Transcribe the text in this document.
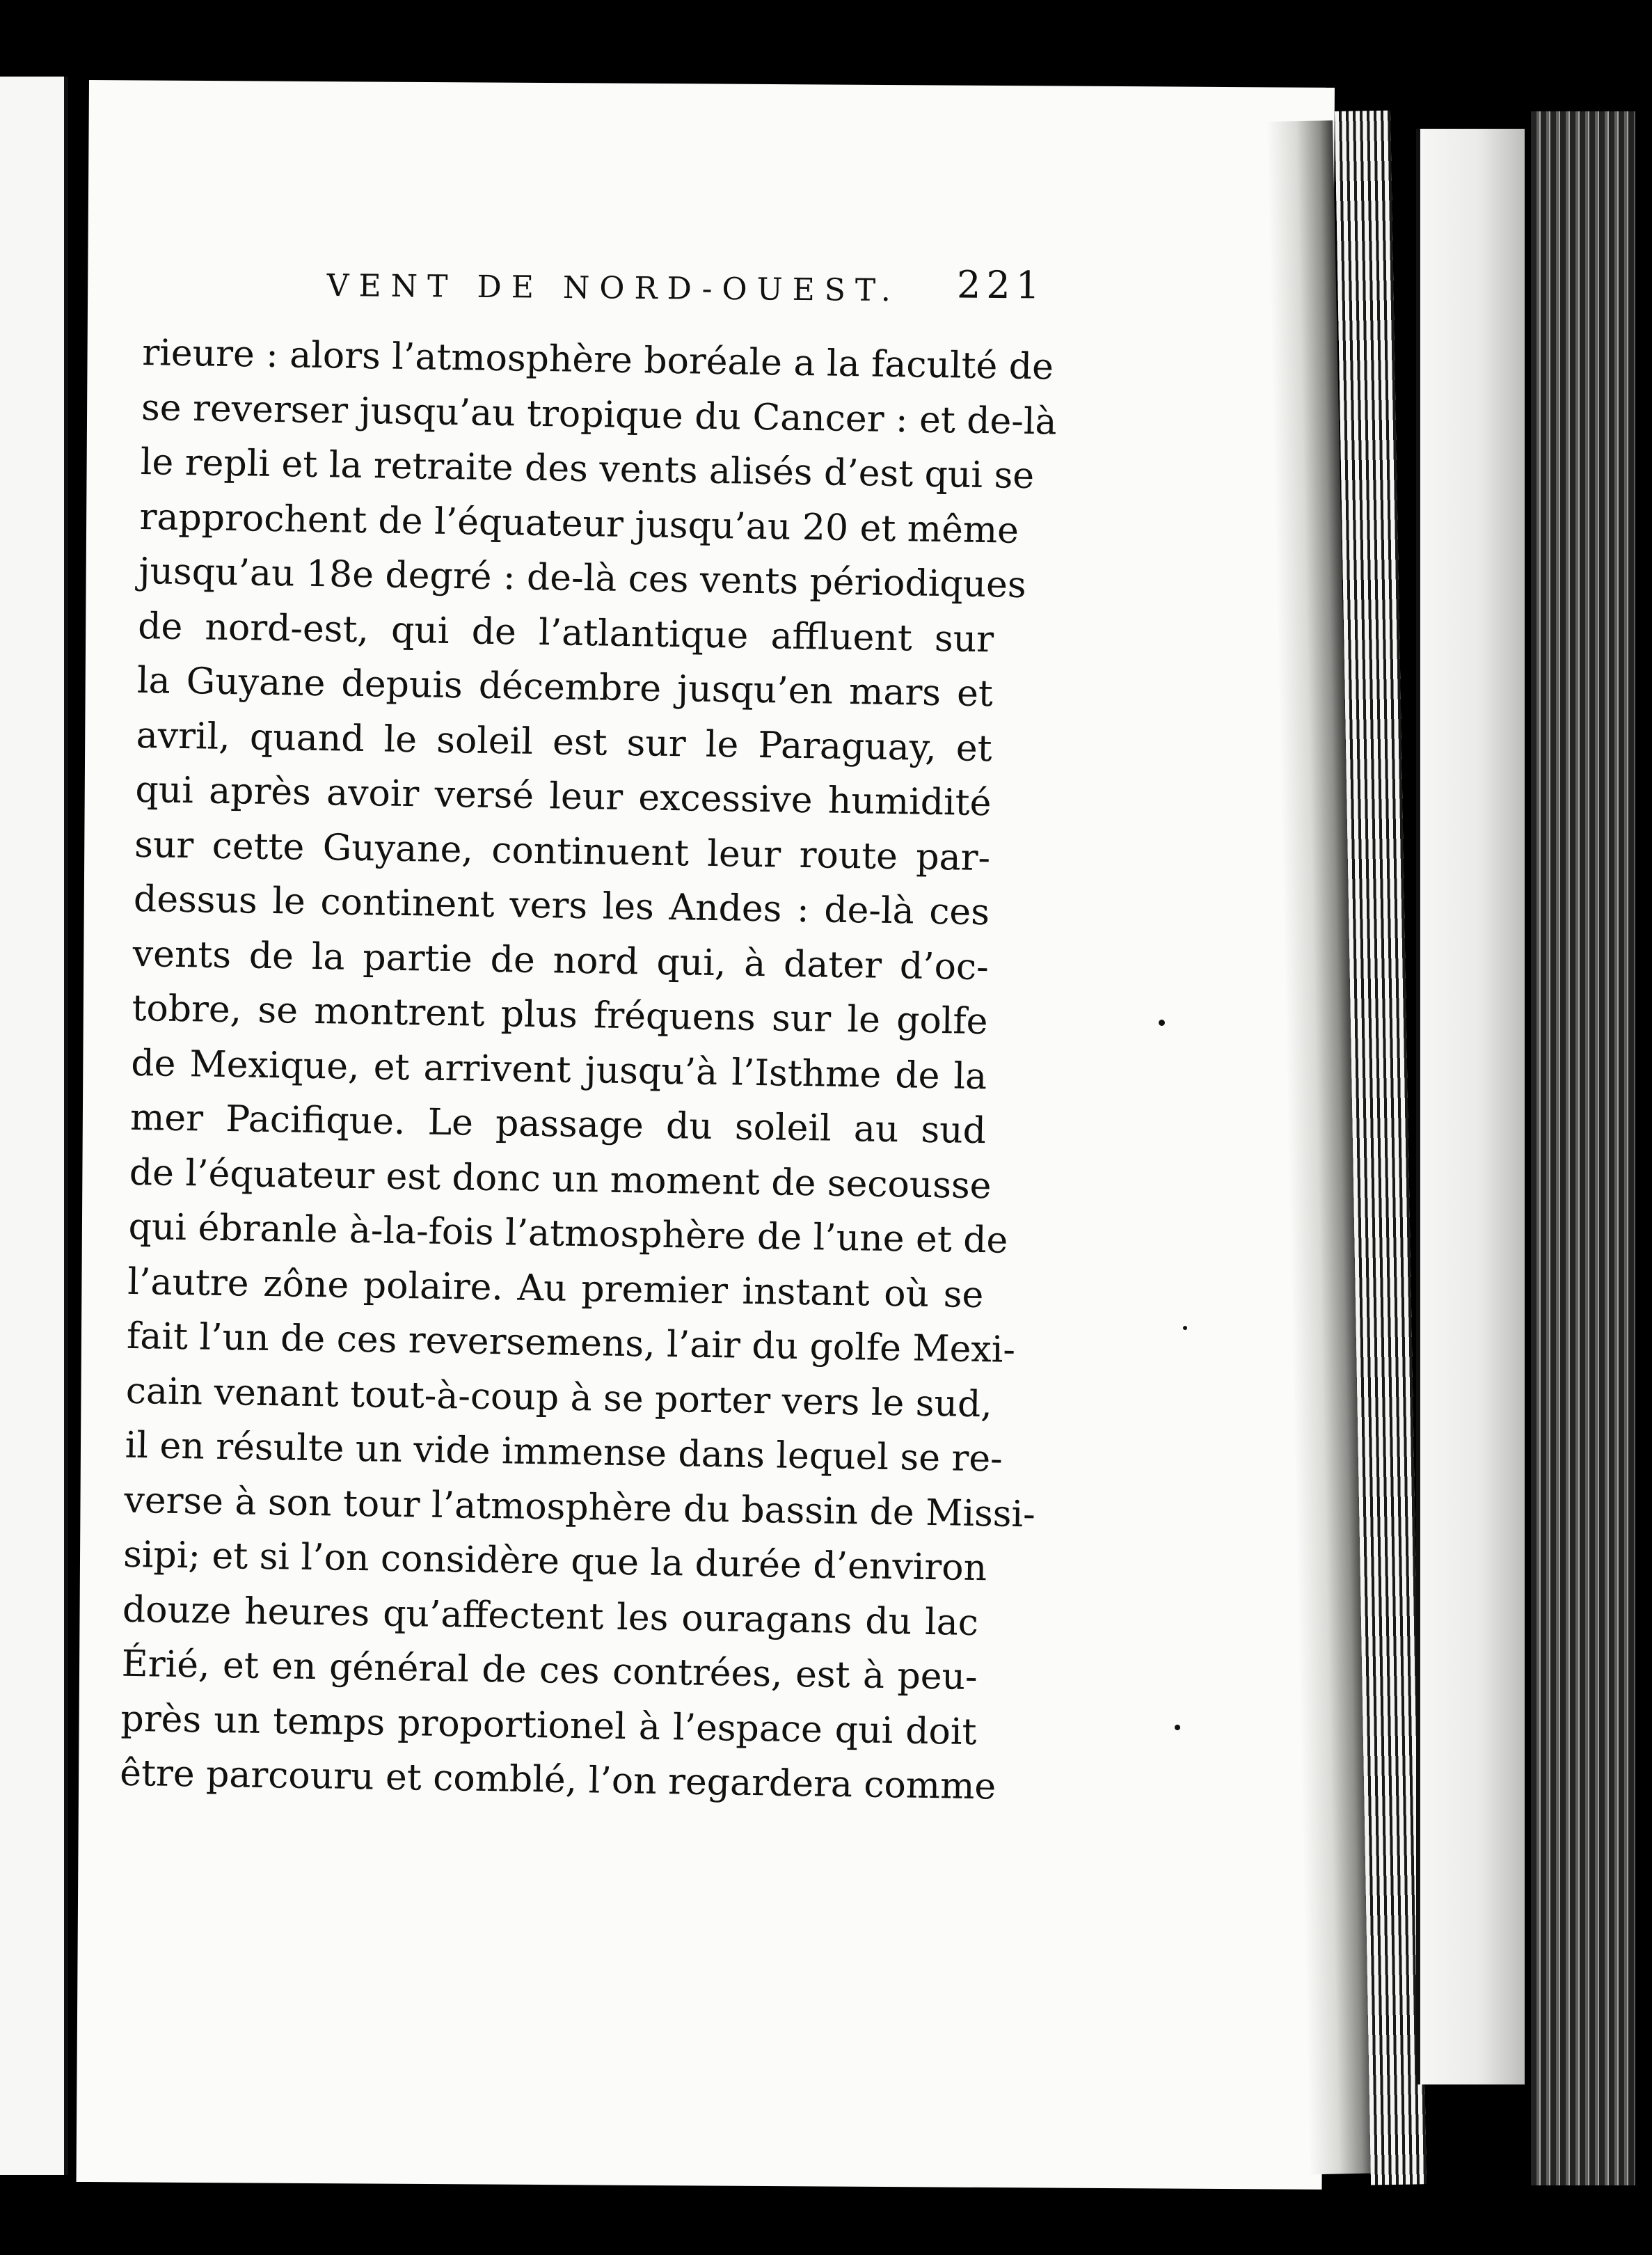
VENT DE NORD-OUEST.	221
rieure : alors l’atmosphère boréale a la faculté de
se reverser jusqu’au tropique du Cancer : et de-là
le repli et la retraite des vents alisés d’est qui se
rapprochent de l’équateur jusqu’au 20 et même
jusqu’au 18e degré : de-là ces vents périodiques
de nord-est, qui de l’atlantique affluent sur
la Guyane depuis décembre jusqu’en mars et
avril, quand le soleil est sur le Paraguay, et
qui après avoir versé leur excessive humidité
sur cette Guyane, continuent leur route par-
dessus le continent vers les Andes : de-là ces
vents de la partie de nord qui, à dater d’oc-
tobre, se montrent plus fréquens sur le golfe
de Mexique, et arrivent jusqu’à l’Isthme de la
mer Pacifique. Le passage du soleil au sud
de l’équateur est donc un moment de secousse
qui ébranle à-la-fois l’atmosphère de l’une et de
l’autre zône polaire. Au premier instant où se
fait l’un de ces reversemens, l’air du golfe Mexi-
cain venant tout-à-coup à se porter vers le sud,
il en résulte un vide immense dans lequel se re-
verse à son tour l’atmosphère du bassin de Missi-
sipi; et si l’on considère que la durée d’environ
douze heures qu’affectent les ouragans du lac
Érié, et en général de ces contrées, est à peu-
près un temps proportionel à l’espace qui doit
être parcouru et comblé, l’on regardera comme
